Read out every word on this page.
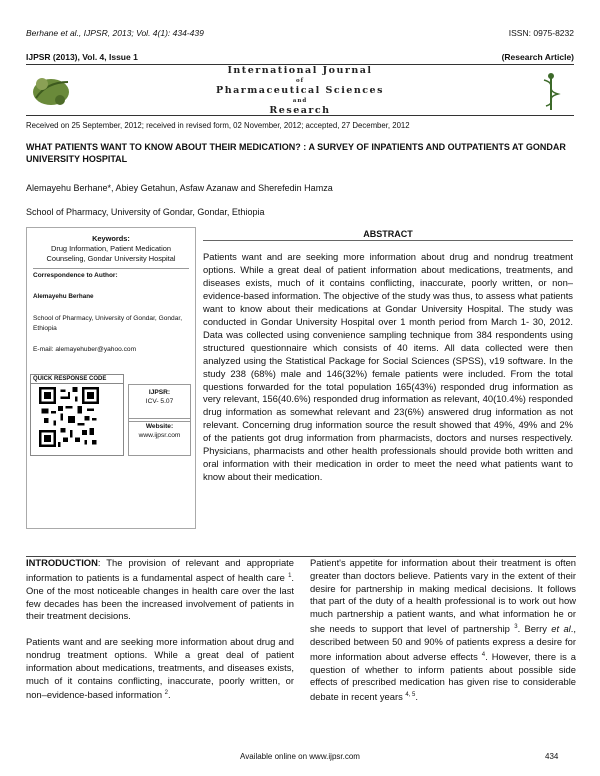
Berhane et al., IJPSR, 2013; Vol. 4(1): 434-439	ISSN: 0975-8232
IJPSR (2013), Vol. 4, Issue 1	(Research Article)
International Journal
of
Pharmaceutical Sciences
and
Research
Received on 25 September, 2012; received in revised form, 02 November, 2012; accepted, 27 December, 2012
WHAT PATIENTS WANT TO KNOW ABOUT THEIR MEDICATION? : A SURVEY OF INPATIENTS AND OUTPATIENTS AT GONDAR UNIVERSITY HOSPITAL
Alemayehu Berhane*, Abiey Getahun, Asfaw Azanaw and Sherefedin Hamza
School of Pharmacy, University of Gondar, Gondar, Ethiopia
Keywords:
Drug Information, Patient Medication Counseling, Gondar University Hospital
Correspondence to Author:
Alemayehu Berhane
School of Pharmacy, University of Gondar, Gondar, Ethiopia
E-mail: alemayehuber@yahoo.com
QUICK RESPONSE CODE
IJPSR:
ICV- 5.07
Website:
www.ijpsr.com
ABSTRACT
Patients want and are seeking more information about drug and nondrug treatment options. While a great deal of patient information about medications, treatments, and diseases exists, much of it contains conflicting, inaccurate, poorly written, or non–evidence-based information. The objective of the study was thus, to assess what patients want to know about their medications at Gondar University Hospital. The study was conducted in Gondar University Hospital over 1 month period from March 1- 30, 2012. Data was collected using convenience sampling technique from 384 respondents using structured questionnaire which consists of 40 items. All data collected were then analyzed using the Statistical Package for Social Sciences (SPSS), v19 software. In the study 238 (68%) male and 146(32%) female patients were included. From the total questions forwarded for the total population 165(43%) responded drug information as very relevant, 156(40.6%) responded drug information as relevant, 40(10.4%) responded drug information as somewhat relevant and 23(6%) answered drug information as not relevant. Concerning drug information source the result showed that 49%, 49% and 2% of the patients got drug information from pharmacists, doctors and nurses respectively. Physicians, pharmacists and other health professionals should provide both written and oral information with their medication in order to meet the need what patients want to know about their medication.

INTRODUCTION: The provision of relevant and appropriate information to patients is a fundamental aspect of health care $^1$. One of the most noticeable changes in health care over the last few decades has been the increased involvement of patients in their treatment decisions.

Patients want and are seeking more information about drug and nondrug treatment options. While a great deal of patient information about medications, treatments, and diseases exists, much of it contains conflicting, inaccurate, poorly written, or non–evidence-based information $^2$.

Patient's appetite for information about their treatment is often greater than doctors believe. Patients vary in the extent of their desire for partnership in making medical decisions. It follows that part of the duty of a health professional is to work out how much partnership a patient wants, and what information he or she needs to support that level of partnership $^3$. Berry et al., described between 50 and 90% of patients express a desire for more information about adverse effects $^4$. However, there is a question of whether to inform patients about possible side effects of prescribed medication has given rise to considerable debate in recent years $^{4, 5}$.

Available online on www.ijpsr.com	434
